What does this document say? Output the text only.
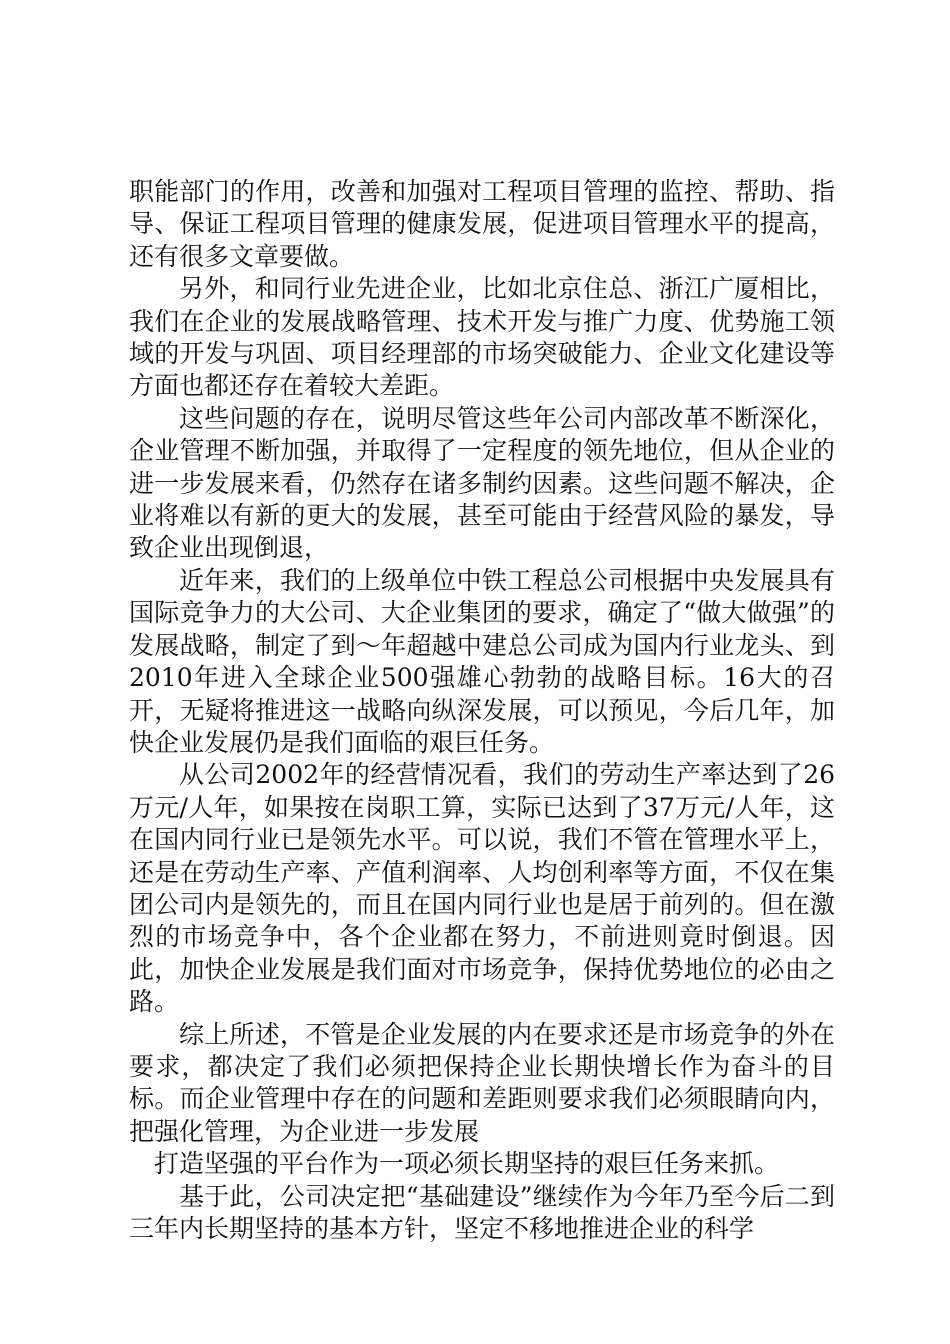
职能部门的作用，改善和加强对工程项目管理的监控、帮助、指导、保证工程项目管理的健康发展，促进项目管理水平的提高，还有很多文章要做。

另外，和同行业先进企业，比如北京住总、浙江广厦相比，我们在企业的发展战略管理、技术开发与推广力度、优势施工领域的开发与巩固、项目经理部的市场突破能力、企业文化建设等方面也都还存在着较大差距。

这些问题的存在，说明尽管这些年公司内部改革不断深化，企业管理不断加强，并取得了一定程度的领先地位，但从企业的进一步发展来看，仍然存在诸多制约因素。这些问题不解决，企业将难以有新的更大的发展，甚至可能由于经营风险的暴发，导致企业出现倒退，

近年来，我们的上级单位中铁工程总公司根据中央发展具有国际竞争力的大公司、大企业集团的要求，确定了“做大做强”的发展战略，制定了到～年超越中建总公司成为国内行业龙头、到2010年进入全球企业500强雄心勃勃的战略目标。16大的召开，无疑将推进这一战略向纵深发展，可以预见，今后几年，加快企业发展仍是我们面临的艰巨任务。

从公司2002年的经营情况看，我们的劳动生产率达到了26万元/人年，如果按在岗职工算，实际已达到了37万元/人年，这在国内同行业已是领先水平。可以说，我们不管在管理水平上，还是在劳动生产率、产值利润率、人均创利率等方面，不仅在集团公司内是领先的，而且在国内同行业也是居于前列的。但在激烈的市场竞争中，各个企业都在努力，不前进则竟时倒退。因此，加快企业发展是我们面对市场竞争，保持优势地位的必由之路。

综上所述，不管是企业发展的内在要求还是市场竞争的外在要求，都决定了我们必须把保持企业长期快增长作为奋斗的目标。而企业管理中存在的问题和差距则要求我们必须眼睛向内，把强化管理，为企业进一步发展

打造坚强的平台作为一项必须长期坚持的艰巨任务来抓。

基于此，公司决定把“基础建设”继续作为今年乃至今后二到三年内长期坚持的基本方针，坚定不移地推进企业的科学
